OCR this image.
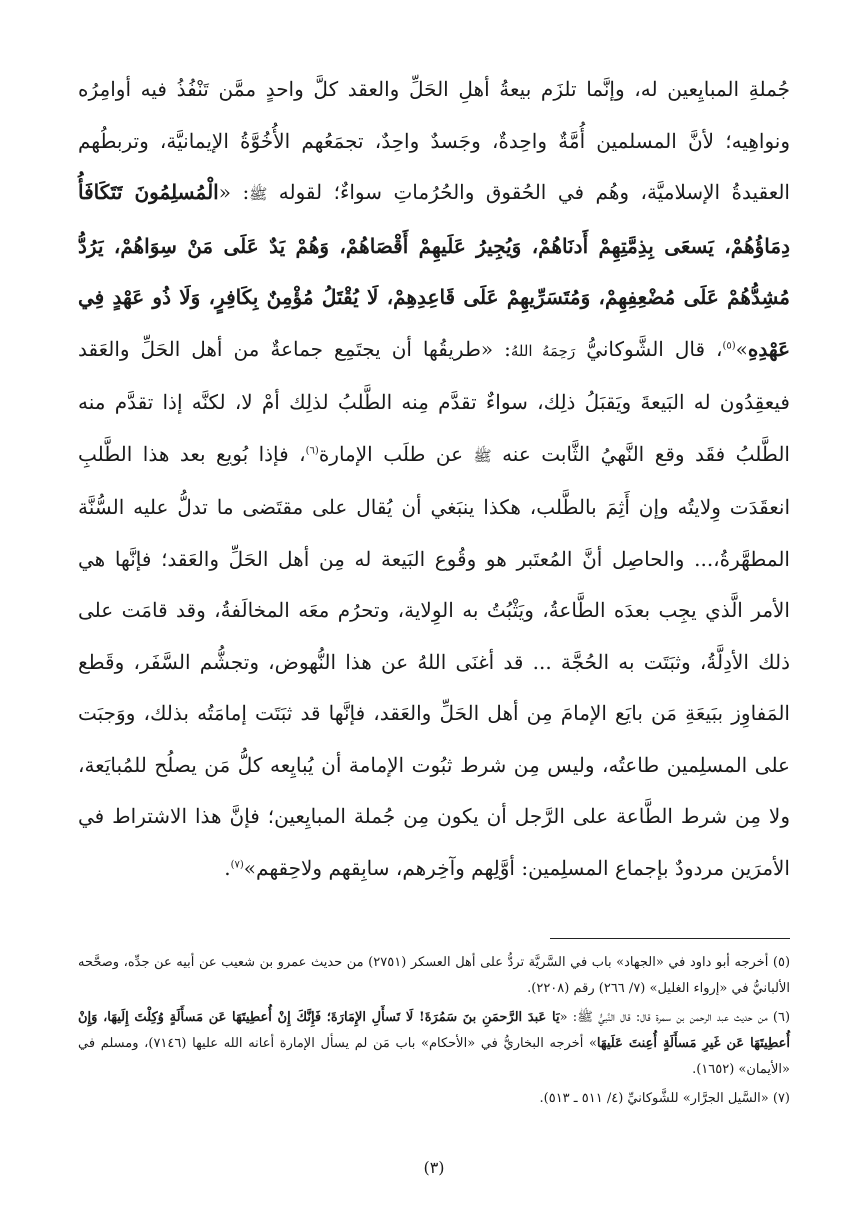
جُملةِ المبايِعين له، وإنَّما تلزَم بيعةُ أهلِ الحَلِّ والعقد كلَّ واحدٍ ممَّن تَنْفُذُ فيه أوامِرُه ونواهِيه؛ لأنَّ المسلمين أُمَّةٌ واحِدةٌ، وجَسدٌ واحِدٌ، تجمَعُهم الأُخُوَّةُ الإيمانيَّة، وتربطُهم العقيدةُ الإسلاميَّة، وهُم في الحُقوق والحُرُماتِ سواءٌ؛ لقوله ﷺ: «الْمُسلِمُونَ تَتَكَافَأُ دِمَاؤُهُمْ، يَسعَى بِذِمَّتِهِمْ أَدنَاهُمْ، وَيُجِيرُ عَلَيهِمْ أَقْصَاهُمْ، وَهُمْ يَدٌ عَلَى مَنْ سِوَاهُمْ، يَرُدُّ مُشِدُّهُمْ عَلَى مُضْعِفِهِمْ، وَمُتَسَرِّيهِمْ عَلَى قَاعِدِهِمْ، لَا يُقْتَلُ مُؤْمِنٌ بِكَافِرٍ، وَلَا ذُو عَهْدٍ فِي عَهْدِهِ»$^{(٥)}$، قال الشَّوكانيُّ رَحِمَهُ اللهُ: «طريقُها أن يجتَمِع جماعةٌ من أهل الحَلِّ والعَقد فيعقِدُون له البَيعةَ ويَقبَلُ ذلِك، سواءٌ تقدَّم مِنه الطَّلبُ لذلِك أمْ لا، لكنَّه إذا تقدَّم منه الطَّلبُ فقَد وقع النَّهيُ الثَّابت عنه ﷺ عن طلَب الإمارة$^{(٦)}$، فإذا بُويع بعد هذا الطَّلبِ انعقَدَت وِلايتُه وإن أَثِمَ بالطَّلب، هكذا ينبَغي أن يُقال على مقتَضى ما تدلُّ عليه السُّنَّة المطهَّرةُ،... والحاصِل أنَّ المُعتَبر هو وقُوع البَيعة له مِن أهل الحَلِّ والعَقد؛ فإنَّها هي الأمر الَّذي يجِب بعدَه الطَّاعةُ، ويَثْبُتُ به الوِلاية، وتحرُم معَه المخالَفةُ، وقد قامَت على ذلك الأدِلَّةُ، وثبَتَت به الحُجَّة ... قد أغنَى اللهُ عن هذا النُّهوض، وتجشُّم السَّفَر، وقَطع المَفاوِز ببَيعَةِ مَن بايَع الإمامَ مِن أهل الحَلِّ والعَقد، فإنَّها قد ثبَتَت إمامَتُه بذلك، ووَجبَت على المسلِمين طاعتُه، وليس مِن شرط ثبُوت الإمامة أن يُبايِعه كلُّ مَن يصلُح للمُبايَعة، ولا مِن شرط الطَّاعة على الرَّجل أن يكون مِن جُملة المبايِعين؛ فإنَّ هذا الاشتراط في الأمرَين مردودٌ بإجماع المسلِمين: أوَّلِهم وآخِرهم، سابِقهم ولاحِقهم»$^{(٧)}$.

(٥) أخرجه أبو داود في «الجهاد» باب في السَّريَّة تردُّ على أهل العسكر (٢٧٥١) من حديث عمرو بن شعيب عن أبيه عن جدِّه، وصحَّحه الألبانيُّ في «إرواء الغليل» (٧/ ٢٦٦) رقم (٢٢٠٨).

(٦) من حديث عبد الرحمن بن سمرة قال: قال النَّبيُّ ﷺ: «يَا عَبدَ الرَّحمَنِ بنَ سَمُرَةَ! لَا تَسأَلِ الإِمَارَةَ؛ فَإِنَّكَ إِنْ أُعطِيتَهَا عَن مَسأَلَةٍ وُكِلْتَ إِلَيهَا، وَإِنْ أُعطِيتَهَا عَن غَيرِ مَسأَلَةٍ أُعِنتَ عَلَيهَا» أخرجه البخاريُّ في «الأحكام» باب مَن لم يسأل الإمارة أعانه الله عليها (٧١٤٦)، ومسلم في «الأيمان» (١٦٥٢).

(٧) «السَّيل الجرَّار» للشَّوكانيِّ (٤/ ٥١١ ـ ٥١٣).

(٣)
